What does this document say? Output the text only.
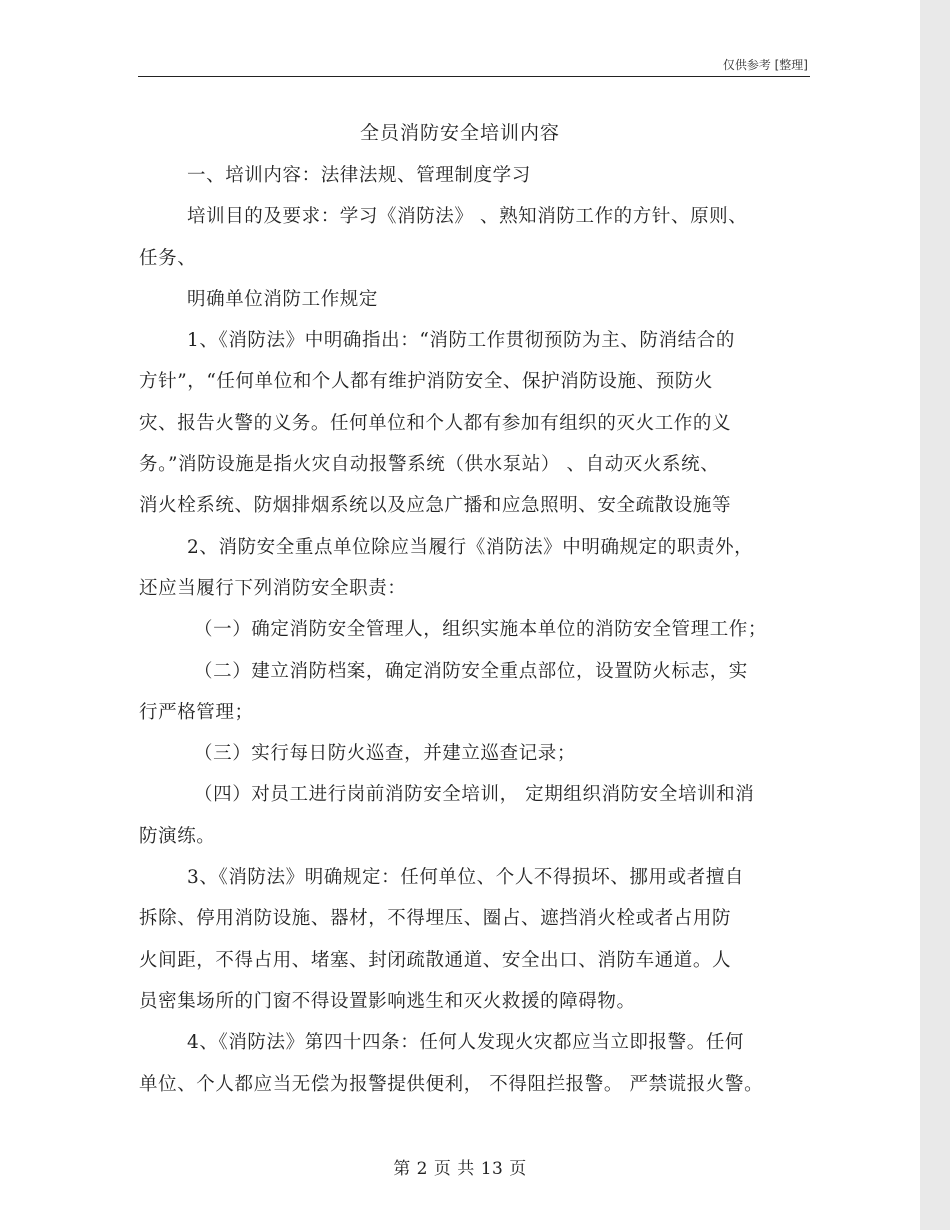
仅供参考 [整理]
全员消防安全培训内容

一、培训内容：法律法规、管理制度学习

培训目的及要求：学习《消防法》 、熟知消防工作的方针、原则、

任务、

明确单位消防工作规定

1、《消防法》中明确指出：“消防工作贯彻预防为主、防消结合的

方针”，“任何单位和个人都有维护消防安全、保护消防设施、预防火

灾、报告火警的义务。任何单位和个人都有参加有组织的灭火工作的义

务。”消防设施是指火灾自动报警系统（供水泵站） 、自动灭火系统、

消火栓系统、防烟排烟系统以及应急广播和应急照明、安全疏散设施等

2、消防安全重点单位除应当履行《消防法》中明确规定的职责外，

还应当履行下列消防安全职责：

（一）确定消防安全管理人，组织实施本单位的消防安全管理工作；

（二）建立消防档案，确定消防安全重点部位，设置防火标志，实

行严格管理；

（三）实行每日防火巡查，并建立巡查记录；

（四）对员工进行岗前消防安全培训， 定期组织消防安全培训和消

防演练。

3、《消防法》明确规定：任何单位、个人不得损坏、挪用或者擅自

拆除、停用消防设施、器材，不得埋压、圈占、遮挡消火栓或者占用防

火间距，不得占用、堵塞、封闭疏散通道、安全出口、消防车通道。人

员密集场所的门窗不得设置影响逃生和灭火救援的障碍物。

4、《消防法》第四十四条：任何人发现火灾都应当立即报警。任何

单位、个人都应当无偿为报警提供便利， 不得阻拦报警。 严禁谎报火警。

第 2 页 共 13 页
